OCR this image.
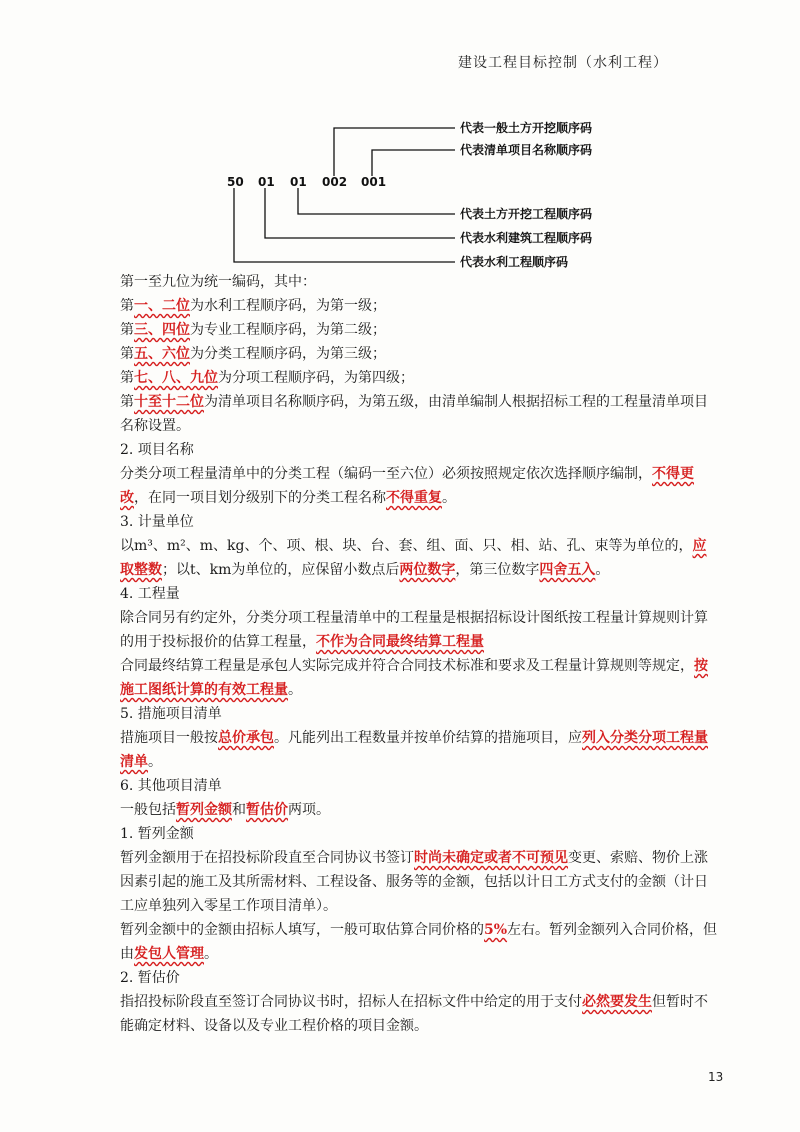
建设工程目标控制（水利工程）
50 01 01 002 001
代表一般土方开挖顺序码
代表清单项目名称顺序码
代表土方开挖工程顺序码
代表水利建筑工程顺序码
代表水利工程顺序码

第一至九位为统一编码，其中：

第一、二位为水利工程顺序码，为第一级；

第三、四位为专业工程顺序码，为第二级；

第五、六位为分类工程顺序码，为第三级；

第七、八、九位为分项工程顺序码，为第四级；

第十至十二位为清单项目名称顺序码，为第五级，由清单编制人根据招标工程的工程量清单项目名称设置。

2. 项目名称

分类分项工程量清单中的分类工程（编码一至六位）必须按照规定依次选择顺序编制，不得更改，在同一项目划分级别下的分类工程名称不得重复。

3. 计量单位

以m³、m²、m、kg、个、项、根、块、台、套、组、面、只、相、站、孔、束等为单位的，应取整数；以t、km为单位的，应保留小数点后两位数字，第三位数字四舍五入。

4. 工程量

除合同另有约定外，分类分项工程量清单中的工程量是根据招标设计图纸按工程量计算规则计算的用于投标报价的估算工程量，不作为合同最终结算工程量

合同最终结算工程量是承包人实际完成并符合合同技术标准和要求及工程量计算规则等规定，按施工图纸计算的有效工程量。

5. 措施项目清单

措施项目一般按总价承包。凡能列出工程数量并按单价结算的措施项目，应列入分类分项工程量清单。

6. 其他项目清单

一般包括暂列金额和暂估价两项。

1. 暂列金额

暂列金额用于在招投标阶段直至合同协议书签订时尚未确定或者不可预见变更、索赔、物价上涨因素引起的施工及其所需材料、工程设备、服务等的金额，包括以计日工方式支付的金额（计日工应单独列入零星工作项目清单）。

暂列金额中的金额由招标人填写，一般可取估算合同价格的5%左右。暂列金额列入合同价格，但由发包人管理。

2. 暂估价

指招投标阶段直至签订合同协议书时，招标人在招标文件中给定的用于支付必然要发生但暂时不能确定材料、设备以及专业工程价格的项目金额。

13
